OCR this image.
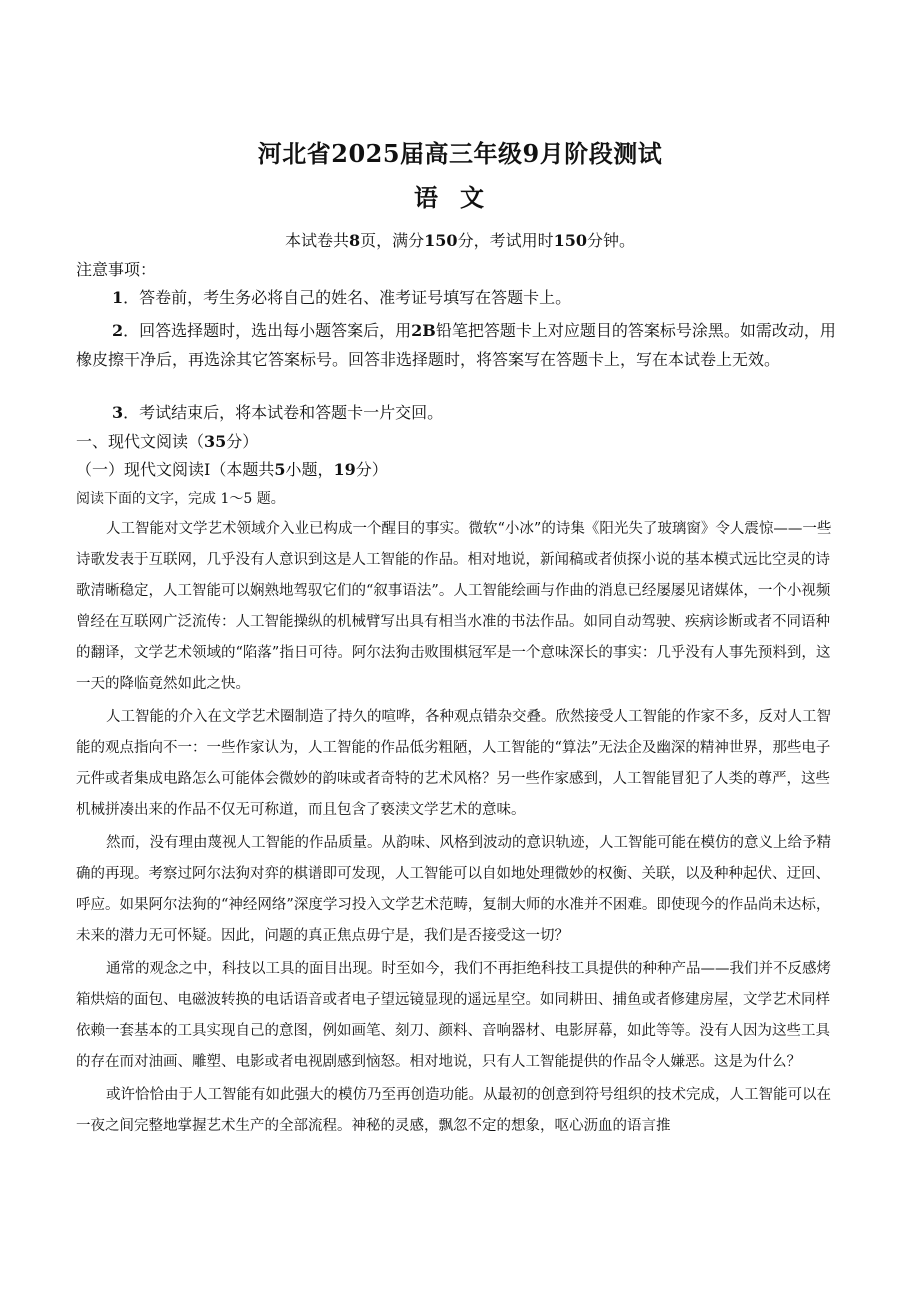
河北省2025届高三年级9月阶段测试
语文
本试卷共8页，满分150分，考试用时150分钟。
注意事项：
1．答卷前，考生务必将自己的姓名、准考证号填写在答题卡上。

2．回答选择题时，选出每小题答案后，用2B铅笔把答题卡上对应题目的答案标号涂黑。如需改动，用橡皮擦干净后，再选涂其它答案标号。回答非选择题时，将答案写在答题卡上，写在本试卷上无效。

3．考试结束后，将本试卷和答题卡一片交回。
一、现代文阅读（35分）
（一）现代文阅读Ⅰ（本题共5小题，19分）
阅读下面的文字，完成 1～5 题。

人工智能对文学艺术领域介入业已构成一个醒目的事实。微软“小冰”的诗集《阳光失了玻璃窗》令人震惊——一些诗歌发表于互联网，几乎没有人意识到这是人工智能的作品。相对地说，新闻稿或者侦探小说的基本模式远比空灵的诗歌清晰稳定，人工智能可以娴熟地驾驭它们的“叙事语法”。人工智能绘画与作曲的消息已经屡屡见诸媒体，一个小视频曾经在互联网广泛流传：人工智能操纵的机械臂写出具有相当水准的书法作品。如同自动驾驶、疾病诊断或者不同语种的翻译，文学艺术领域的“陷落”指日可待。阿尔法狗击败围棋冠军是一个意味深长的事实：几乎没有人事先预料到，这一天的降临竟然如此之快。

人工智能的介入在文学艺术圈制造了持久的喧哗，各种观点错杂交叠。欣然接受人工智能的作家不多，反对人工智能的观点指向不一：一些作家认为，人工智能的作品低劣粗陋，人工智能的“算法”无法企及幽深的精神世界，那些电子元件或者集成电路怎么可能体会微妙的韵味或者奇特的艺术风格？另一些作家感到，人工智能冒犯了人类的尊严，这些机械拼凑出来的作品不仅无可称道，而且包含了亵渎文学艺术的意味。

然而，没有理由蔑视人工智能的作品质量。从韵味、风格到波动的意识轨迹，人工智能可能在模仿的意义上给予精确的再现。考察过阿尔法狗对弈的棋谱即可发现，人工智能可以自如地处理微妙的权衡、关联，以及种种起伏、迂回、呼应。如果阿尔法狗的“神经网络”深度学习投入文学艺术范畴，复制大师的水准并不困难。即使现今的作品尚未达标，未来的潜力无可怀疑。因此，问题的真正焦点毋宁是，我们是否接受这一切？

通常的观念之中，科技以工具的面目出现。时至如今，我们不再拒绝科技工具提供的种种产品——我们并不反感烤箱烘焙的面包、电磁波转换的电话语音或者电子望远镜显现的遥远星空。如同耕田、捕鱼或者修建房屋，文学艺术同样依赖一套基本的工具实现自己的意图，例如画笔、刻刀、颜料、音响器材、电影屏幕，如此等等。没有人因为这些工具的存在而对油画、雕塑、电影或者电视剧感到恼怒。相对地说，只有人工智能提供的作品令人嫌恶。这是为什么？

或许恰恰由于人工智能有如此强大的模仿乃至再创造功能。从最初的创意到符号组织的技术完成，人工智能可以在一夜之间完整地掌握艺术生产的全部流程。神秘的灵感，飘忽不定的想象，呕心沥血的语言推
